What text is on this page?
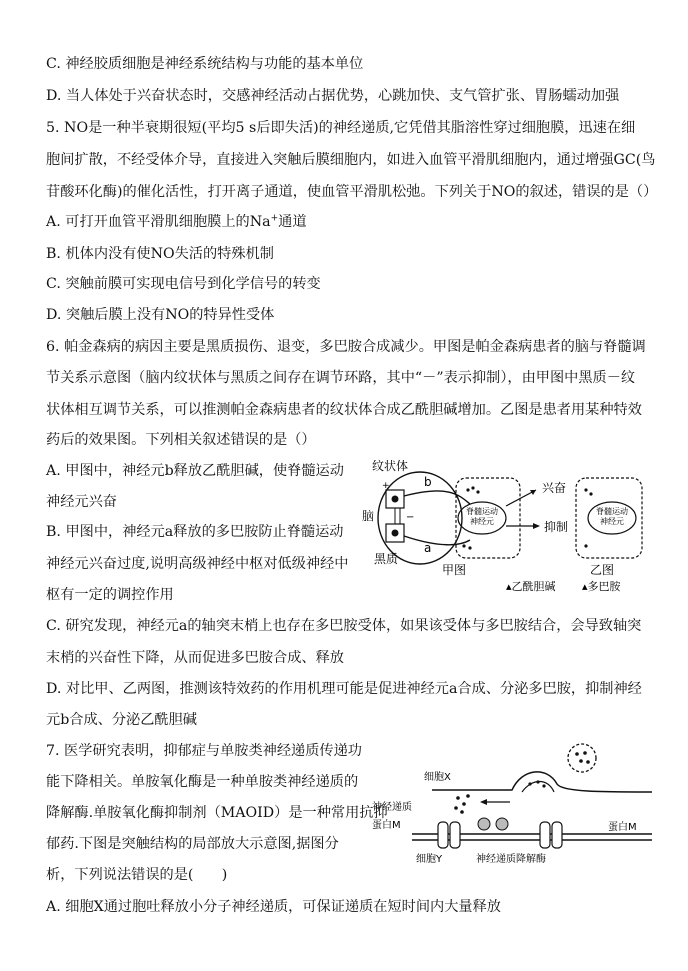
C. 神经胶质细胞是神经系统结构与功能的基本单位
D. 当人体处于兴奋状态时，交感神经活动占据优势，心跳加快、支气管扩张、胃肠蠕动加强
5. NO是一种半衰期很短(平均5 s后即失活)的神经递质,它凭借其脂溶性穿过细胞膜，迅速在细
胞间扩散，不经受体介导，直接进入突触后膜细胞内，如进入血管平滑肌细胞内，通过增强GC(鸟
苷酸环化酶)的催化活性，打开离子通道，使血管平滑肌松弛。下列关于NO的叙述，错误的是（）
A. 可打开血管平滑肌细胞膜上的Na+通道
B. 机体内没有使NO失活的特殊机制
C. 突触前膜可实现电信号到化学信号的转变
D. 突触后膜上没有NO的特异性受体
6. 帕金森病的病因主要是黑质损伤、退变，多巴胺合成减少。甲图是帕金森病患者的脑与脊髓调
节关系示意图（脑内纹状体与黑质之间存在调节环路，其中“－”表示抑制），由甲图中黑质－纹
状体相互调节关系，可以推测帕金森病患者的纹状体合成乙酰胆碱增加。乙图是患者用某种特效
药后的效果图。下列相关叙述错误的是（）
A. 甲图中，神经元b释放乙酰胆碱，使脊髓运动
神经元兴奋
B. 甲图中，神经元a释放的多巴胺防止脊髓运动
神经元兴奋过度,说明高级神经中枢对低级神经中
枢有一定的调控作用
C. 研究发现，神经元a的轴突末梢上也存在多巴胺受体，如果该受体与多巴胺结合，会导致轴突
末梢的兴奋性下降，从而促进多巴胺合成、释放
D. 对比甲、乙两图，推测该特效药的作用机理可能是促进神经元a合成、分泌多巴胺，抑制神经
元b合成、分泌乙酰胆碱
7. 医学研究表明，抑郁症与单胺类神经递质传递功
能下降相关。单胺氧化酶是一种单胺类神经递质的
降解酶.单胺氧化酶抑制剂（MAOID）是一种常用抗抑
郁药.下图是突触结构的局部放大示意图,据图分
析，下列说法错误的是(　　)
A. 细胞X通过胞吐释放小分子神经递质，可保证递质在短时间内大量释放
纹状体
脑
黑质
b
a
+
−
脊髓运动
神经元
脊髓运动
神经元
兴奋
抑制
甲图	乙图
▴乙酰胆碱 ▴多巴胺
细胞X
神经递质
蛋白M	蛋白M
细胞Y	神经递质降解酶
